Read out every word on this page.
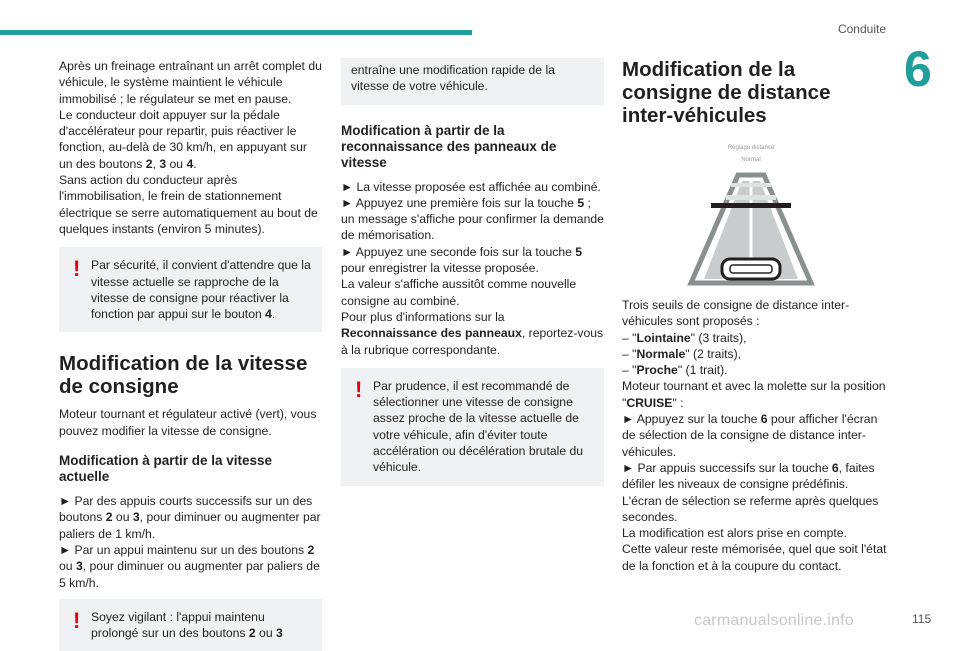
Conduite
6

Après un freinage entraînant un arrêt complet du véhicule, le système maintient le véhicule immobilisé ; le régulateur se met en pause.

Le conducteur doit appuyer sur la pédale d'accélérateur pour repartir, puis réactiver le fonction, au-delà de 30 km/h, en appuyant sur un des boutons 2, 3 ou 4.

Sans action du conducteur après l'immobilisation, le frein de stationnement électrique se serre automatiquement au bout de quelques instants (environ 5 minutes).

! Par sécurité, il convient d'attendre que la vitesse actuelle se rapproche de la vitesse de consigne pour réactiver la fonction par appui sur le bouton 4.

Modification de la vitesse de consigne

Moteur tournant et régulateur activé (vert), vous pouvez modifier la vitesse de consigne.

Modification à partir de la vitesse actuelle

► Par des appuis courts successifs sur un des boutons 2 ou 3, pour diminuer ou augmenter par paliers de 1 km/h.

► Par un appui maintenu sur un des boutons 2 ou 3, pour diminuer ou augmenter par paliers de 5 km/h.

! Soyez vigilant : l'appui maintenu prolongé sur un des boutons 2 ou 3

entraîne une modification rapide de la vitesse de votre véhicule.

Modification à partir de la reconnaissance des panneaux de vitesse

► La vitesse proposée est affichée au combiné.

► Appuyez une première fois sur la touche 5 ; un message s'affiche pour confirmer la demande de mémorisation.

► Appuyez une seconde fois sur la touche 5 pour enregistrer la vitesse proposée.

La valeur s'affiche aussitôt comme nouvelle consigne au combiné.

Pour plus d'informations sur la Reconnaissance des panneaux, reportez-vous à la rubrique correspondante.

! Par prudence, il est recommandé de sélectionner une vitesse de consigne assez proche de la vitesse actuelle de votre véhicule, afin d'éviter toute accélération ou décélération brutale du véhicule.

Modification de la consigne de distance inter-véhicules
Réglage distance
Normal

Trois seuils de consigne de distance inter-véhicules sont proposés :

– "Lointaine" (3 traits),

– "Normale" (2 traits),

– "Proche" (1 trait).

Moteur tournant et avec la molette sur la position "CRUISE" :

► Appuyez sur la touche 6 pour afficher l'écran de sélection de la consigne de distance inter-véhicules.

► Par appuis successifs sur la touche 6, faites défiler les niveaux de consigne prédéfinis.

L'écran de sélection se referme après quelques secondes.

La modification est alors prise en compte.

Cette valeur reste mémorisée, quel que soit l'état de la fonction et à la coupure du contact.

carmanualsonline.info	115
